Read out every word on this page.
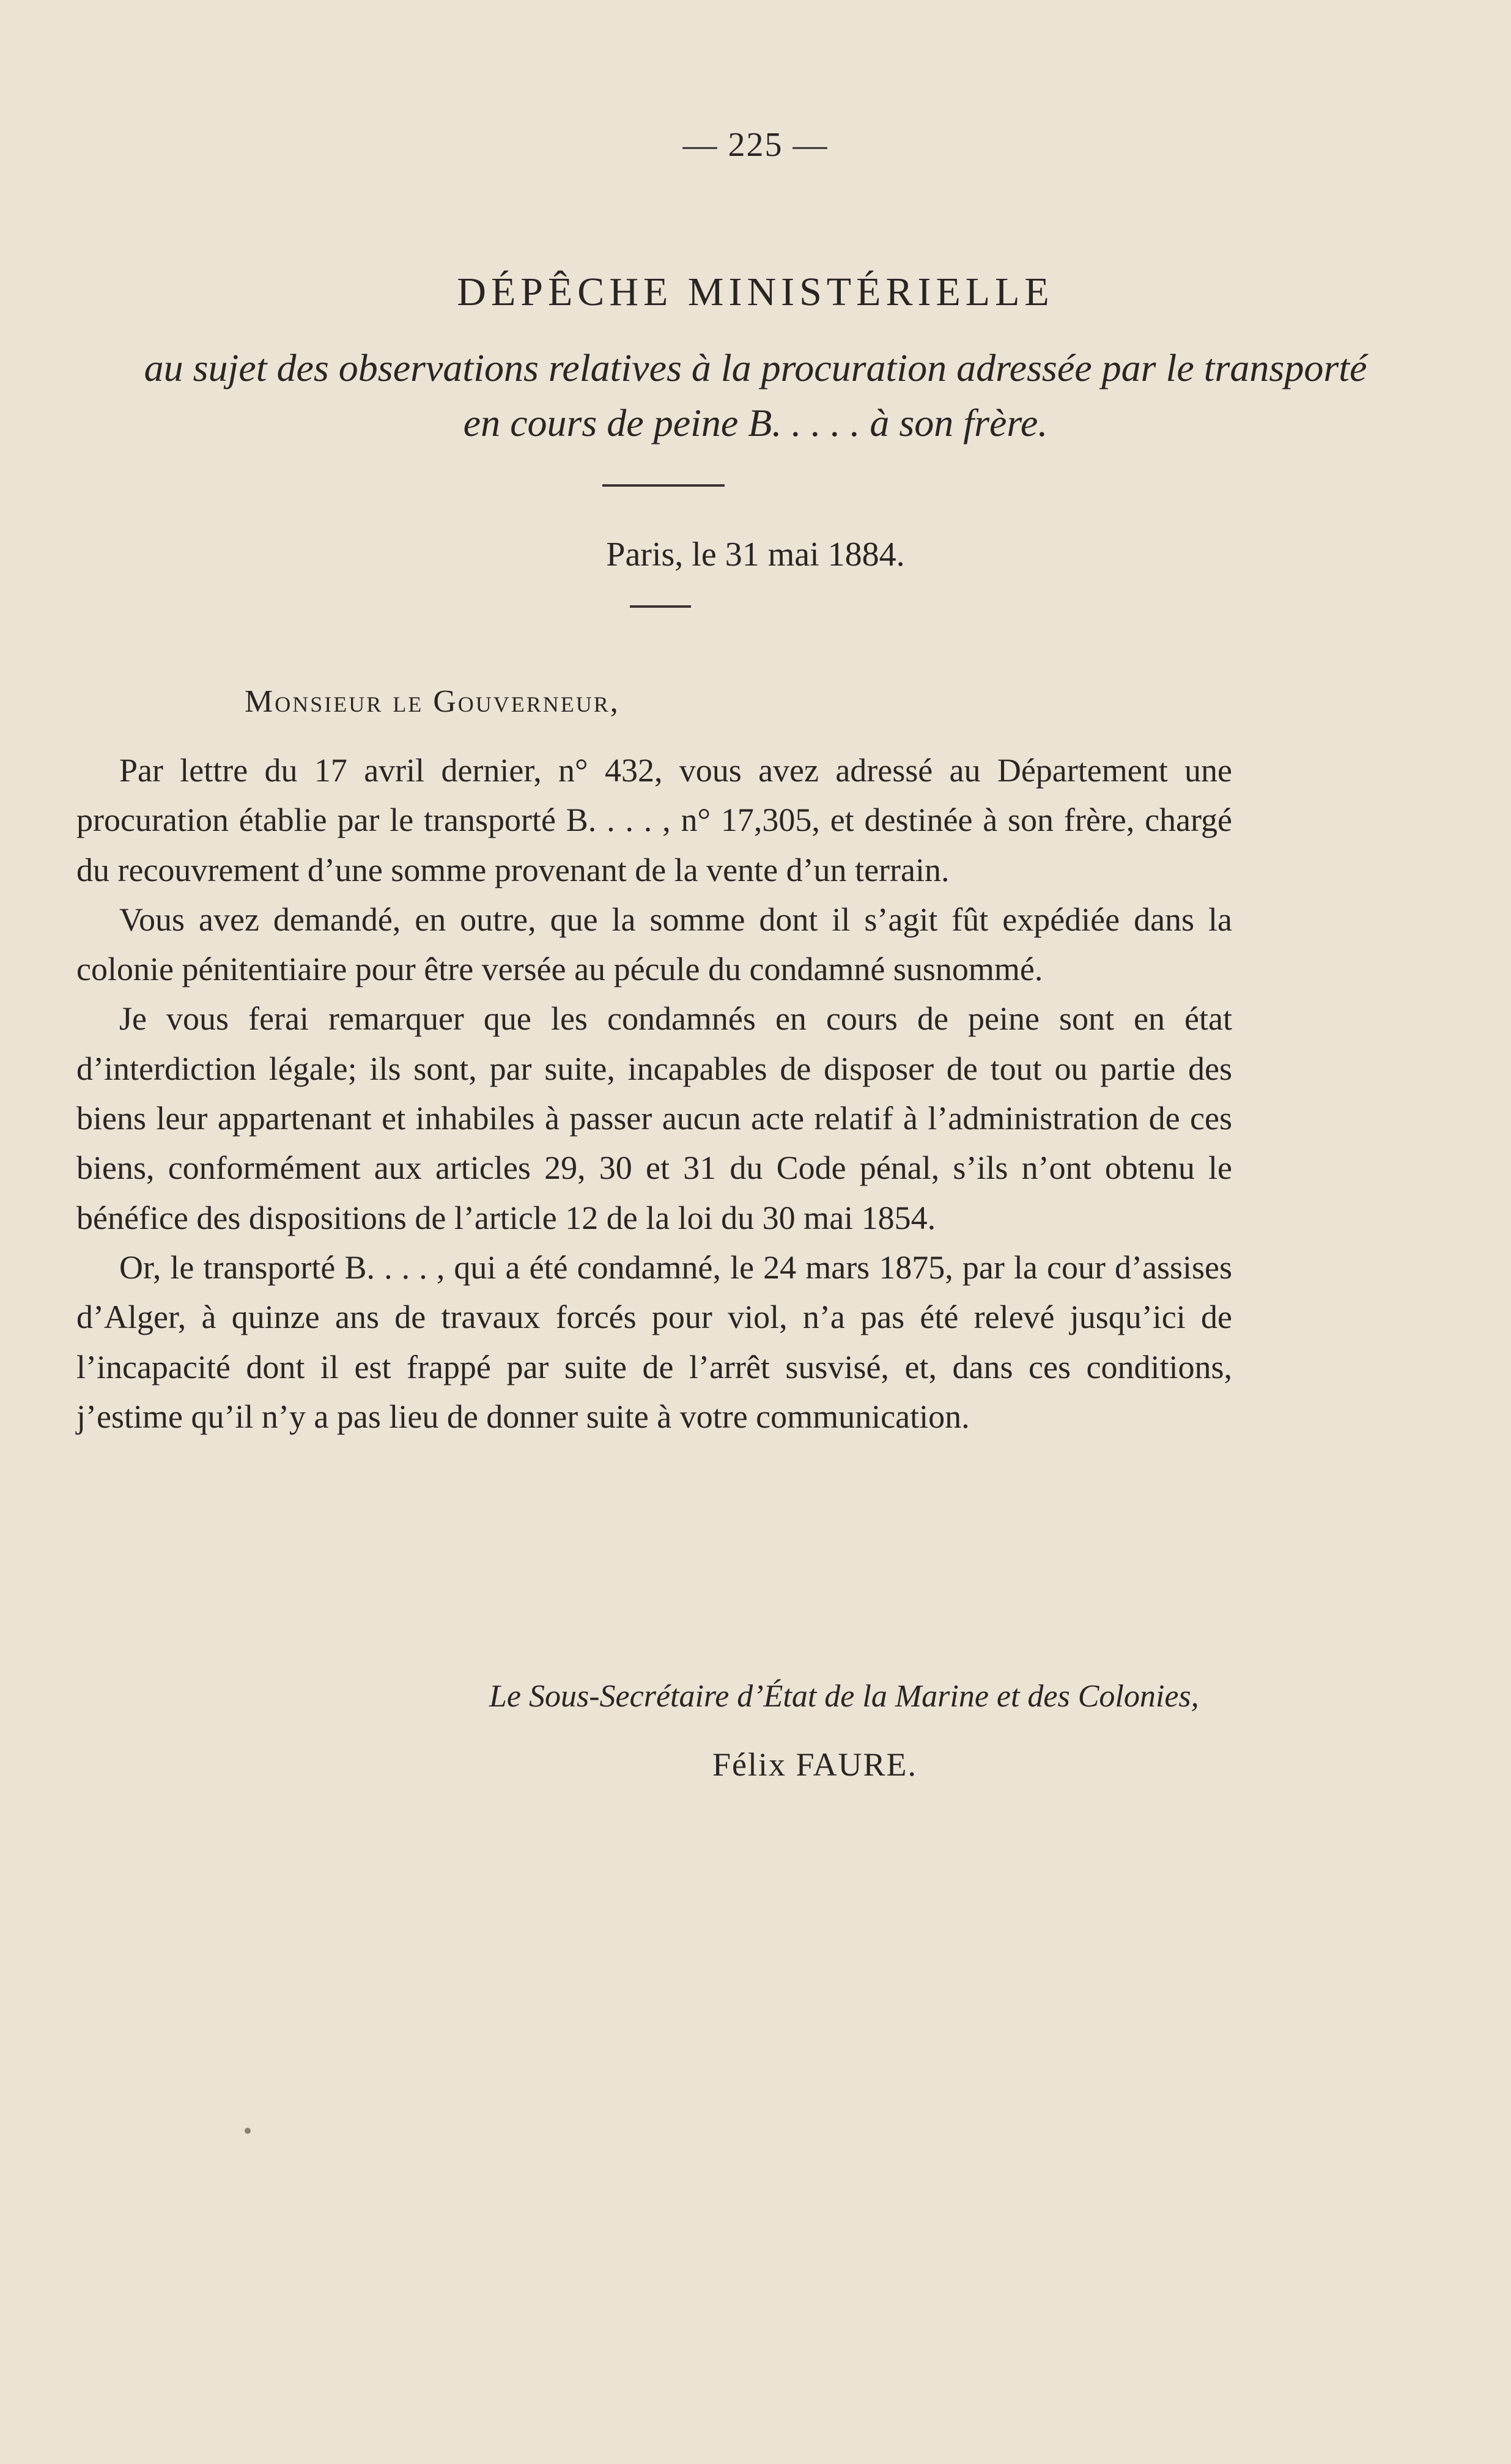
— 225 —
DÉPÊCHE MINISTÉRIELLE
au sujet des observations relatives à la procuration adressée par le transporté
en cours de peine B. . . . . à son frère.
Paris, le 31 mai 1884.
Monsieur le Gouverneur,

Par lettre du 17 avril dernier, n° 432, vous avez adressé au Département une procuration établie par le transporté B. . . . , n° 17,305, et destinée à son frère, chargé du recouvrement d’une somme provenant de la vente d’un terrain.

Vous avez demandé, en outre, que la somme dont il s’agit fût expédiée dans la colonie pénitentiaire pour être versée au pécule du condamné susnommé.

Je vous ferai remarquer que les condamnés en cours de peine sont en état d’interdiction légale; ils sont, par suite, incapables de disposer de tout ou partie des biens leur appartenant et inhabiles à passer aucun acte relatif à l’administration de ces biens, conformément aux articles 29, 30 et 31 du Code pénal, s’ils n’ont obtenu le bénéfice des dispositions de l’article 12 de la loi du 30 mai 1854.

Or, le transporté B. . . . , qui a été condamné, le 24 mars 1875, par la cour d’assises d’Alger, à quinze ans de travaux forcés pour viol, n’a pas été relevé jusqu’ici de l’incapacité dont il est frappé par suite de l’arrêt susvisé, et, dans ces conditions, j’estime qu’il n’y a pas lieu de donner suite à votre communication.

Le Sous-Secrétaire d’État de la Marine et des Colonies,
Félix FAURE.
